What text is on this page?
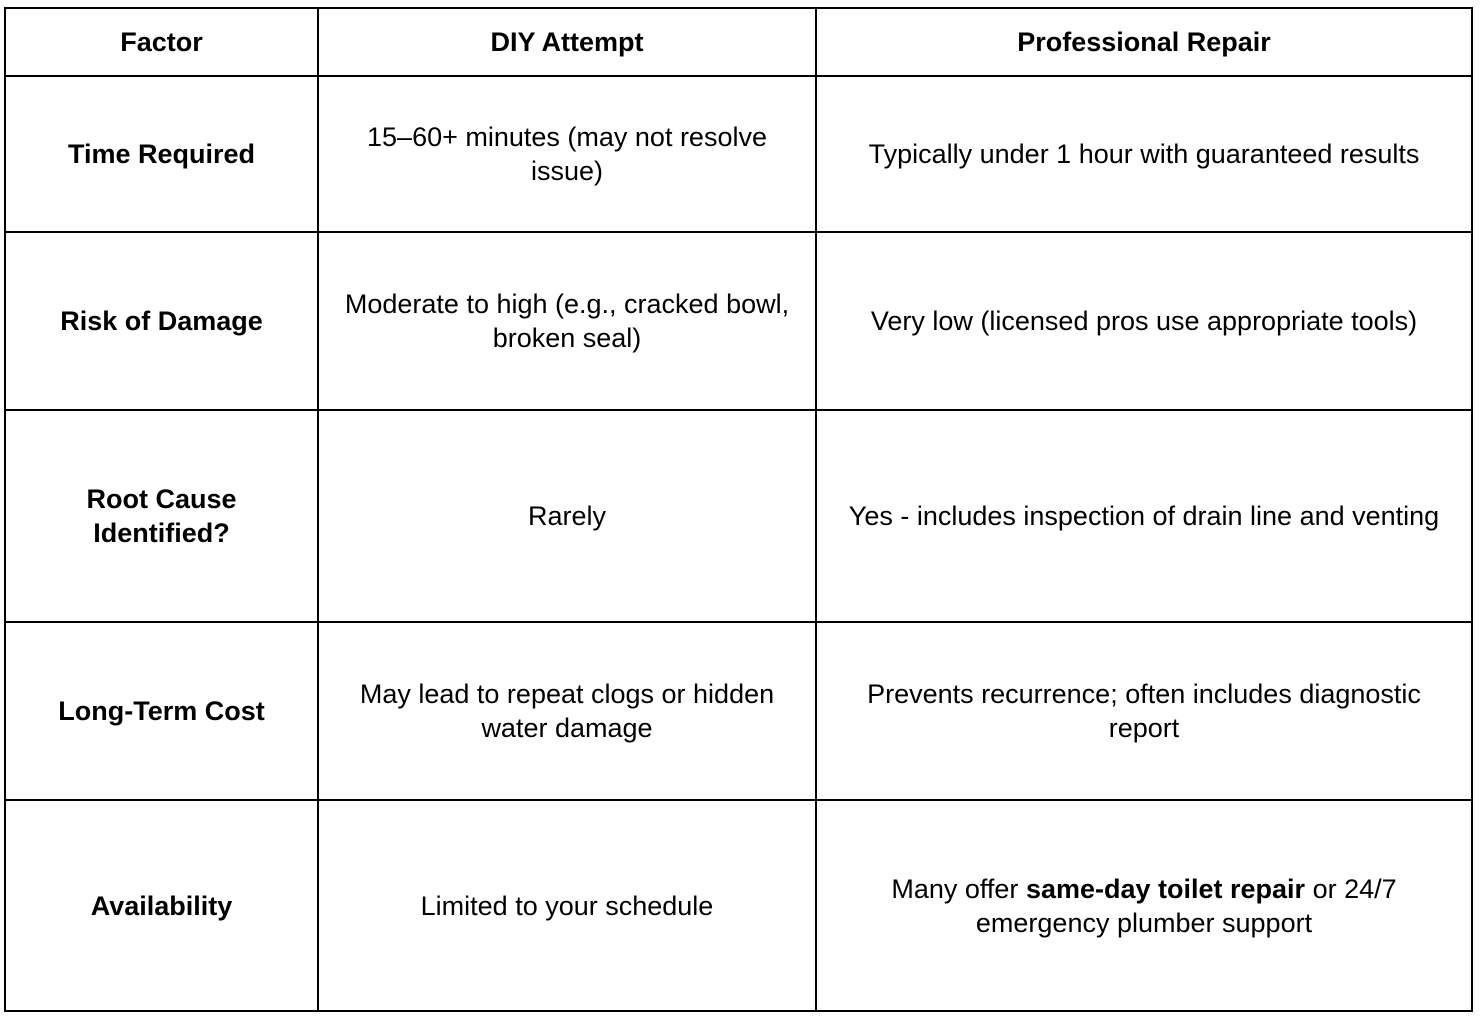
Factor	DIY Attempt	Professional Repair
Time Required	15–60+ minutes (may not resolve issue)	Typically under 1 hour with guaranteed results
Risk of Damage	Moderate to high (e.g., cracked bowl, broken seal)	Very low (licensed pros use appropriate tools)
Root Cause Identified?	Rarely	Yes - includes inspection of drain line and venting
Long-Term Cost	May lead to repeat clogs or hidden water damage	Prevents recurrence; often includes diagnostic report
Availability	Limited to your schedule	Many offer same-day toilet repair or 24/7 emergency plumber support
